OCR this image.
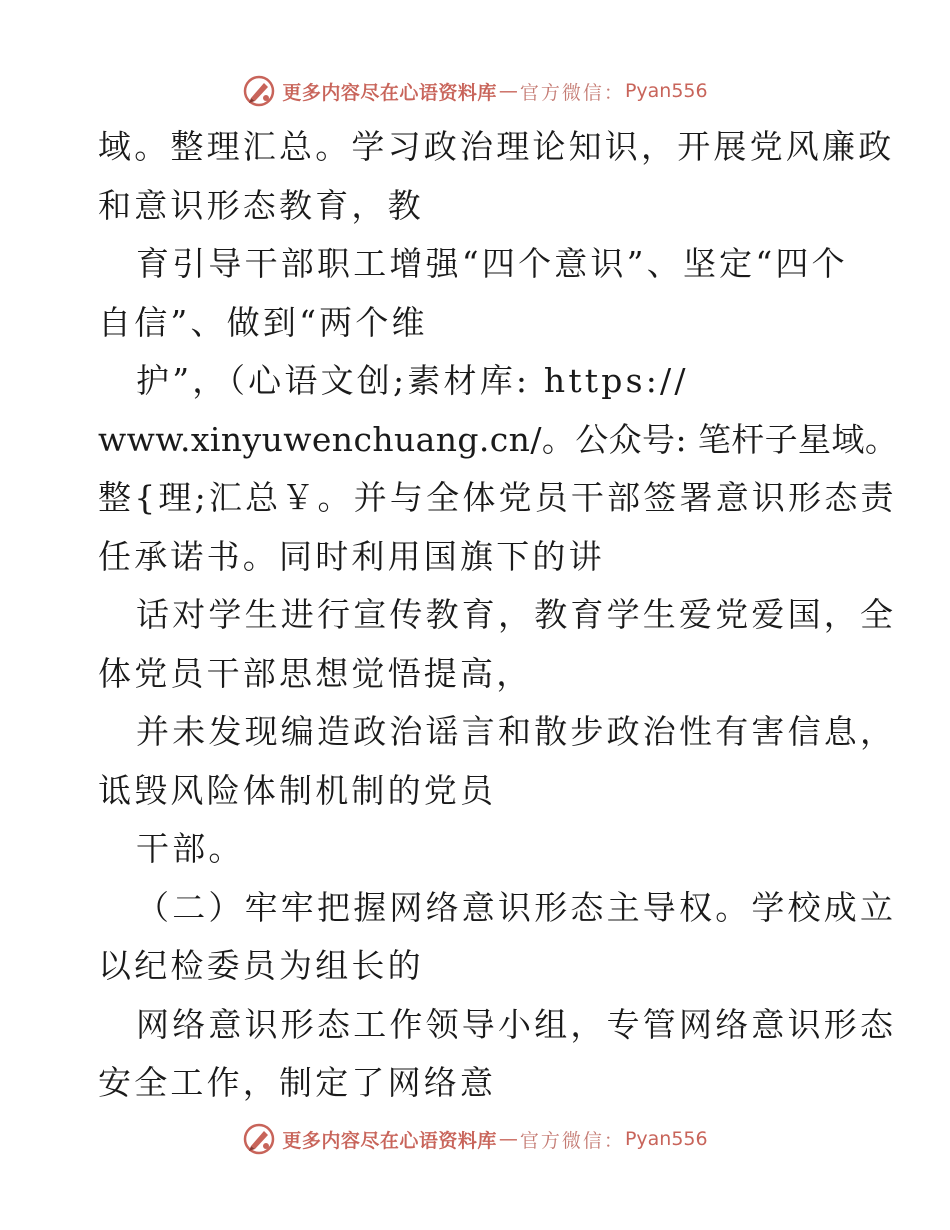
更多内容尽在心语资料库 — 官方微信： Pyan556
域。整理汇总。学习政治理论知识，开展党风廉政
和意识形态教育，教
育引导干部职工增强“四个意识”、坚定“四个
自信”、做到“两个维
护”，（心语文创;素材库: https://
www.xinyuwenchuang.cn/。公众号: 笔杆子星域。
整{理;汇总￥。并与全体党员干部签署意识形态责
任承诺书。同时利用国旗下的讲
话对学生进行宣传教育，教育学生爱党爱国，全
体党员干部思想觉悟提高，
并未发现编造政治谣言和散步政治性有害信息，
诋毁风险体制机制的党员
干部。
（二）牢牢把握网络意识形态主导权。学校成立
以纪检委员为组长的
网络意识形态工作领导小组，专管网络意识形态
安全工作，制定了网络意
更多内容尽在心语资料库 — 官方微信： Pyan556
